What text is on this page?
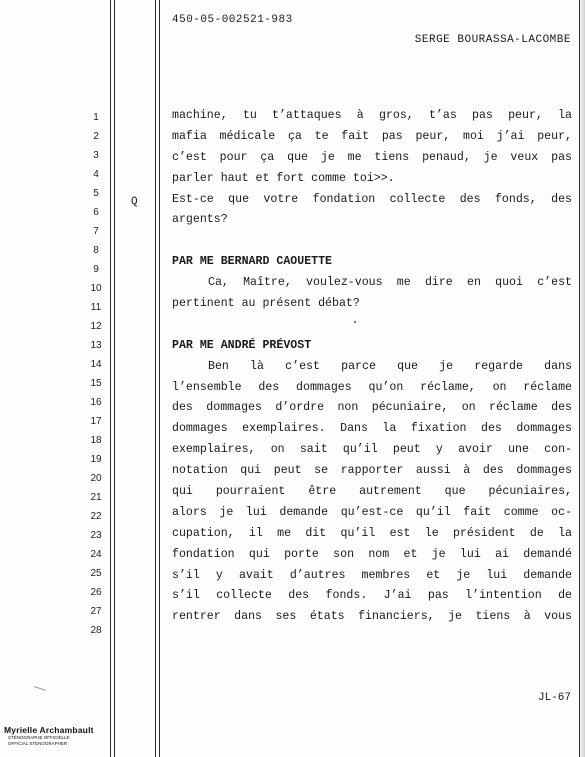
450-05-002521-983
SERGE BOURASSA-LACOMBE
1
2
3
4
5
6
7
8
9
10
11
12
13
14
15
16
17
18
19
20
21
22
23
24
25
26
27
28
Q
machine, tu t’attaques à gros, t’as pas peur, la
mafia médicale ça te fait pas peur, moi j’ai peur,
c’est pour ça que je me tiens penaud, je veux pas
parler haut et fort comme toi>>.
Est-ce que votre fondation collecte des fonds, des
argents?
PAR ME BERNARD CAOUETTE
Ca, Maître, voulez-vous me dire en quoi c’est
pertinent au présent débat?
PAR ME ANDRÉ PRÉVOST
Ben là c’est parce que je regarde dans
l’ensemble des dommages qu’on réclame, on réclame
des dommages d’ordre non pécuniaire, on réclame des
dommages exemplaires. Dans la fixation des dommages
exemplaires, on sait qu’il peut y avoir une con-
notation qui peut se rapporter aussi à des dommages
qui pourraient être autrement que pécuniaires,
alors je lui demande qu’est-ce qu’il fait comme oc-
cupation, il me dit qu’il est le président de la
fondation qui porte son nom et je lui ai demandé
s’il y avait d’autres membres et je lui demande
s’il collecte des fonds. J’ai pas l’intention de
rentrer dans ses états financiers, je tiens à vous
JL-67
Myrielle Archambault
STÉNOGRAPHE OFFICIELLE
OFFICIAL STENOGRAPHER
